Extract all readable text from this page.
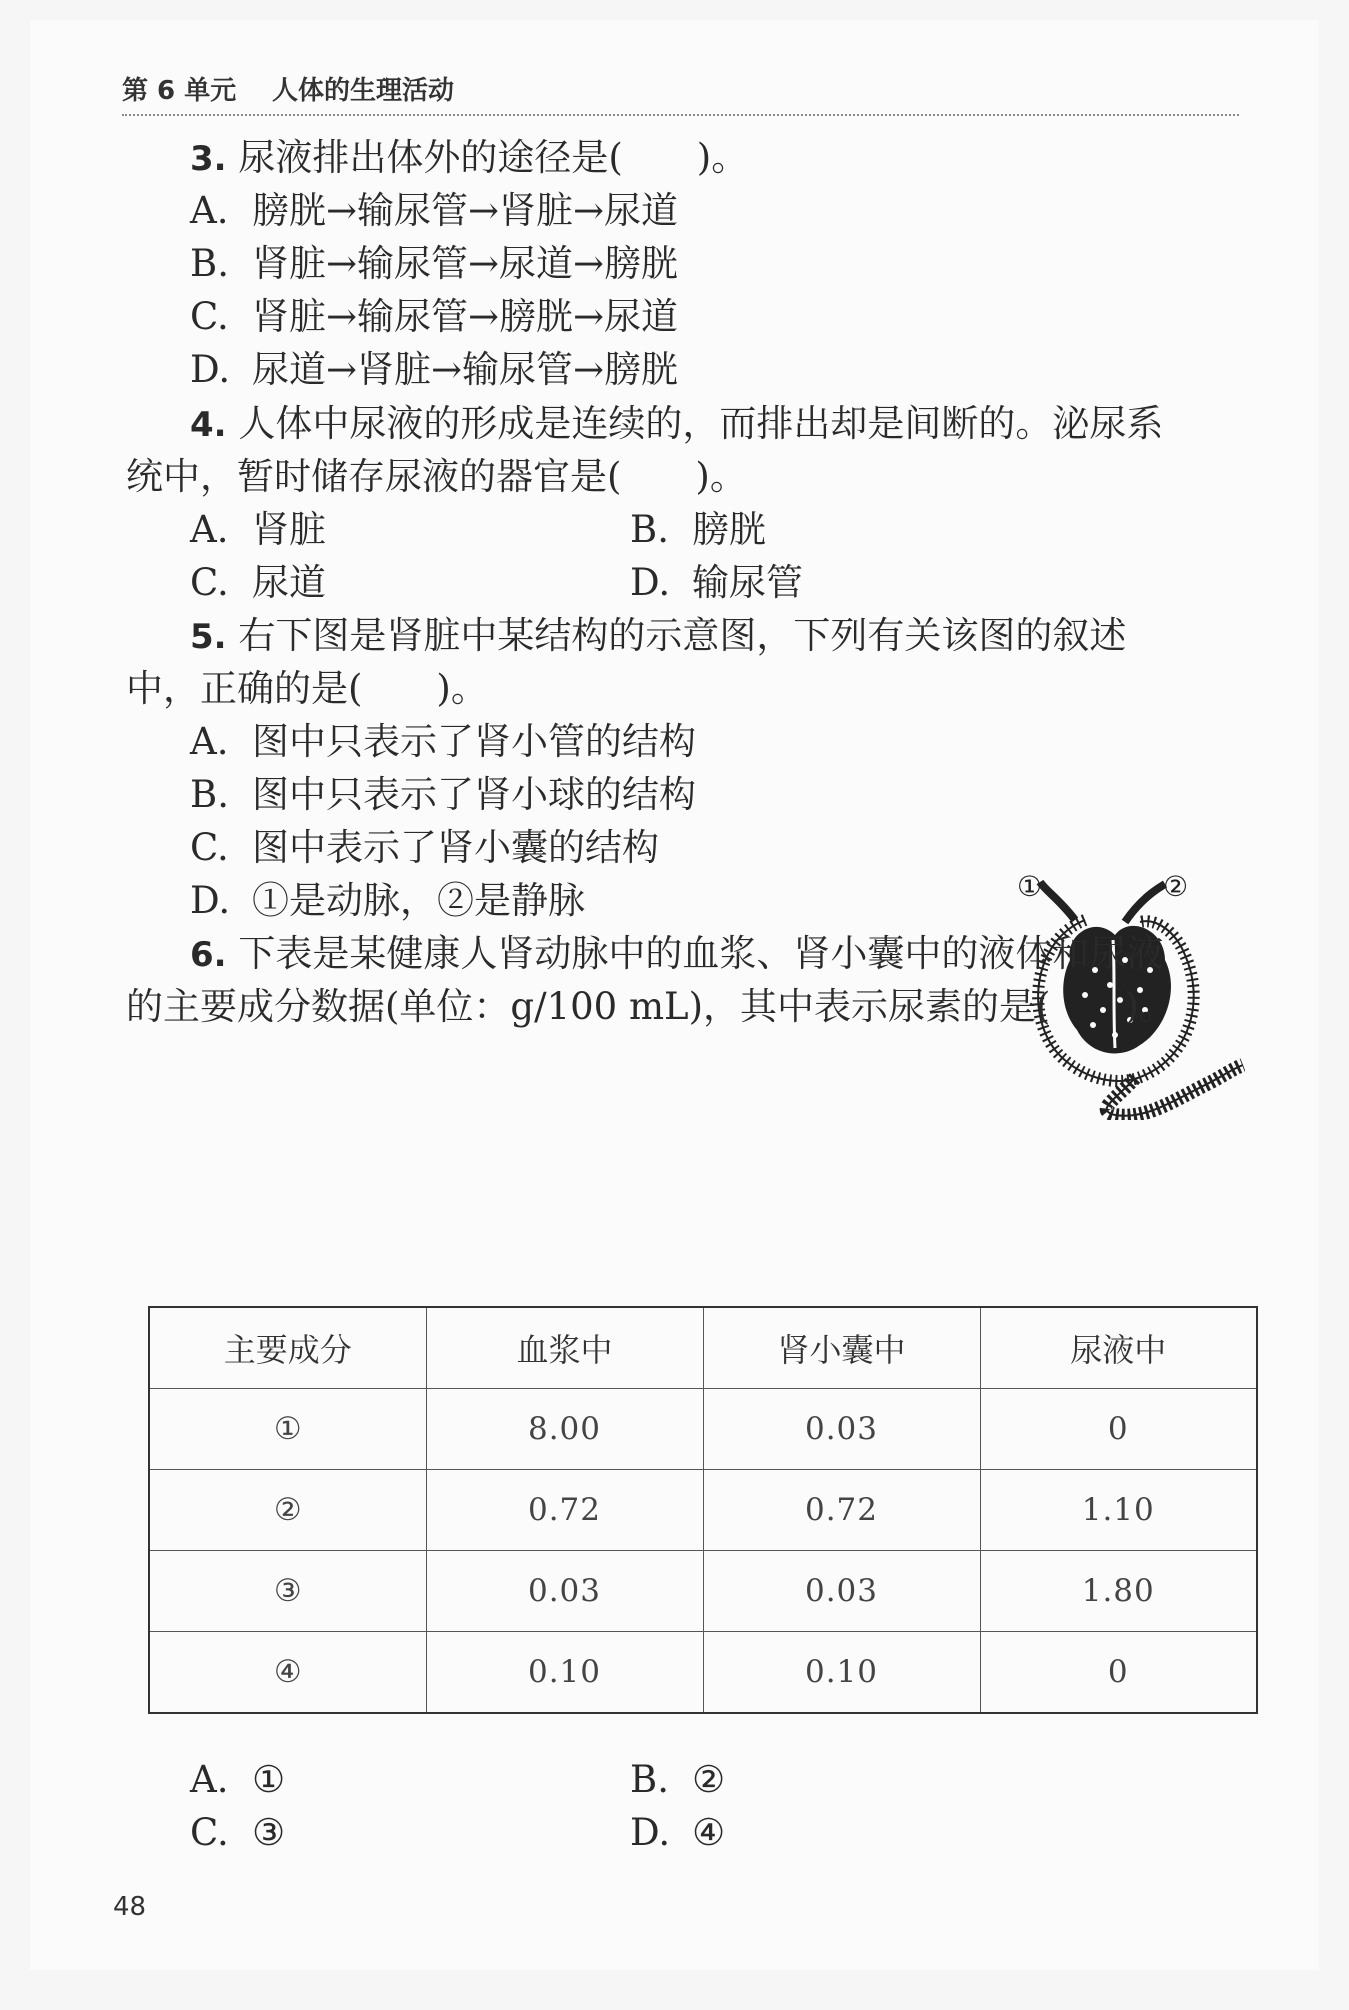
第 6 单元 人体的生理活动
3. 尿液排出体外的途径是(　　)。
A. 膀胱→输尿管→肾脏→尿道
B. 肾脏→输尿管→尿道→膀胱
C. 肾脏→输尿管→膀胱→尿道
D. 尿道→肾脏→输尿管→膀胱
4. 人体中尿液的形成是连续的，而排出却是间断的。泌尿系
统中，暂时储存尿液的器官是(　　)。
A. 肾脏	B. 膀胱
C. 尿道	D. 输尿管
5. 右下图是肾脏中某结构的示意图，下列有关该图的叙述
中，正确的是(　　)。
A. 图中只表示了肾小管的结构
B. 图中只表示了肾小球的结构
C. 图中表示了肾小囊的结构
D. ①是动脉，②是静脉	①	②
6. 下表是某健康人肾动脉中的血浆、肾小囊中的液体和尿液
的主要成分数据(单位：g/100 mL)，其中表示尿素的是(　　)。
主要成分	血浆中	肾小囊中	尿液中
①	8.00	0.03	0
②	0.72	0.72	1.10
③	0.03	0.03	1.80
④	0.10	0.10	0
A. ①	B. ②
C. ③	D. ④
48
